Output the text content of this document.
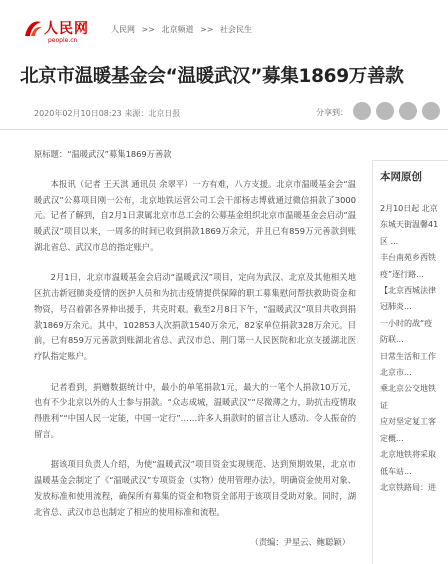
人民网
people.cn
人民网 >> 北京频道 >> 社会民生
北京市温暖基金会“温暖武汉”募集1869万善款
2020年02月10日08:23 来源：北京日报	分享到：

原标题：“温暖武汉”募集1869万善款

本报讯（记者 王天淇 通讯员 余翠平）一方有难，八方支援。北京市温暖基金会“温暖武汉”公募项目刚一公布，北京地铁运营公司工会干部杨志博就通过微信捐款了3000元。记者了解到，自2月1日隶属北京市总工会的公募基金组织北京市温暖基金会启动“温暖武汉”项目以来，一周多的时间已收到捐款1869万余元，并且已有859万元善款到账湖北省总、武汉市总的指定账户。

2月1日，北京市温暖基金会启动“温暖武汉”项目，定向为武汉、北京及其他相关地区抗击新冠肺炎疫情的医护人员和为抗击疫情提供保障的职工募集慰问帮扶救助资金和物资，号召着郭各界伸出援手，共克时艰。截至2月8日下午，“温暖武汉”项目共收到捐款1869万余元。其中，102853人次捐款1540万余元，82家单位捐款328万余元。目前，已有859万元善款到账湖北省总、武汉市总、荆门第一人民医院和北京支援湖北医疗队指定账户。

记者看到，捐赠数据统计中，最小的单笔捐款1元，最大的一笔个人捐款10万元，也有不少北京以外的人士参与捐款。“众志成城，温暖武汉”“尽微薄之力，助抗击疫情取得胜利”“中国人民一定能，中国一定行”……许多人捐款时的留言让人感动、令人振奋的留言。

据该项目负责人介绍，为使“温暖武汉”项目资金实现规范、达到预期效果，北京市温暖基金会制定了《“温暖武汉”专项资金（实物）使用管理办法》，明确资金使用对象、发放标准和使用流程，确保所有募集的资金和物资全部用于该项目受助对象。同时，湖北省总、武汉市总也制定了相应的使用标准和流程。

（责编：尹星云、鲍聪颖）

本网原创
2月10日起 北京
东城天街温馨41
区 ...
丰台南苑乡西铁
疫”逐行路...
【北京西城法律
冠肺炎...
一小时的战“疫
防联...
日常生活和工作
北京市...
乘北京公交地铁
证
应对坚定复工客
定概...
北京地铁将采取
低车站...
北京铁路局：进
